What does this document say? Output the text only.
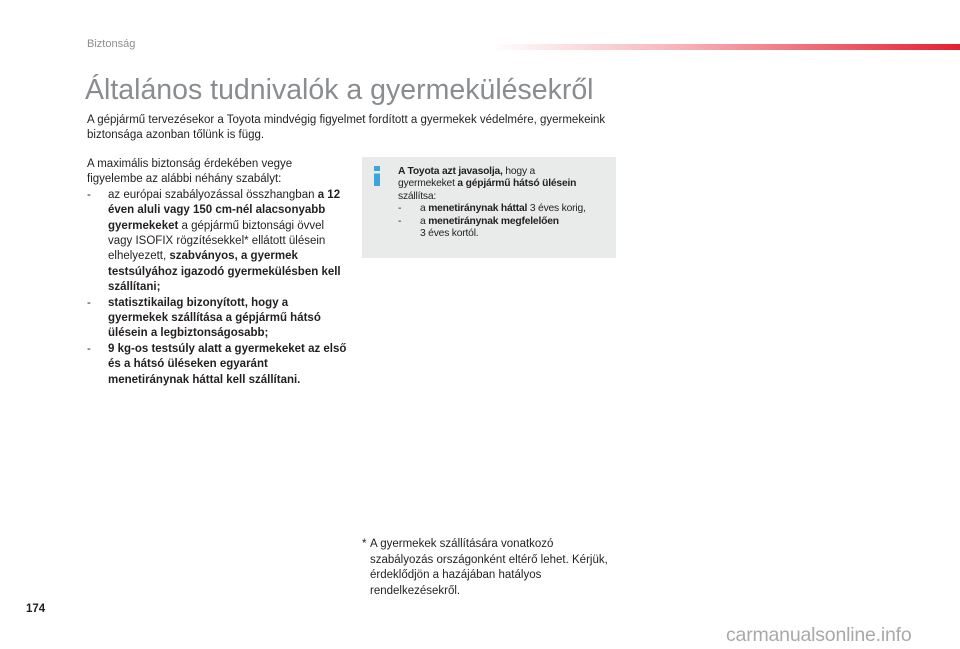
Biztonság
Általános tudnivalók a gyermekülésekről

A gépjármű tervezésekor a Toyota mindvégig figyelmet fordított a gyermekek védelmére, gyermekeink biztonsága azonban tőlünk is függ.

A maximális biztonság érdekében vegye figyelembe az alábbi néhány szabályt:

- az európai szabályozással összhangban a 12 éven aluli vagy 150 cm-nél alacsonyabb gyermekeket a gépjármű biztonsági övvel vagy ISOFIX rögzítésekkel* ellátott ülésein elhelyezett, szabványos, a gyermek testsúlyához igazodó gyermekülésben kell szállítani;
- statisztikailag bizonyított, hogy a gyermekek szállítása a gépjármű hátsó ülésein a legbiztonságosabb;
- 9 kg-os testsúly alatt a gyermekeket az első és a hátsó üléseken egyaránt menetiránynak háttal kell szállítani.
A Toyota azt javasolja, hogy a
gyermekeket a gépjármű hátsó ülésein
szállítsa:
- a menetiránynak háttal 3 éves korig,
- a menetiránynak megfelelően
3 éves kortól.
* A gyermekek szállítására vonatkozó szabályozás országonként eltérő lehet. Kérjük, érdeklődjön a hazájában hatályos rendelkezésekről.
174
carmanualsonline.info
